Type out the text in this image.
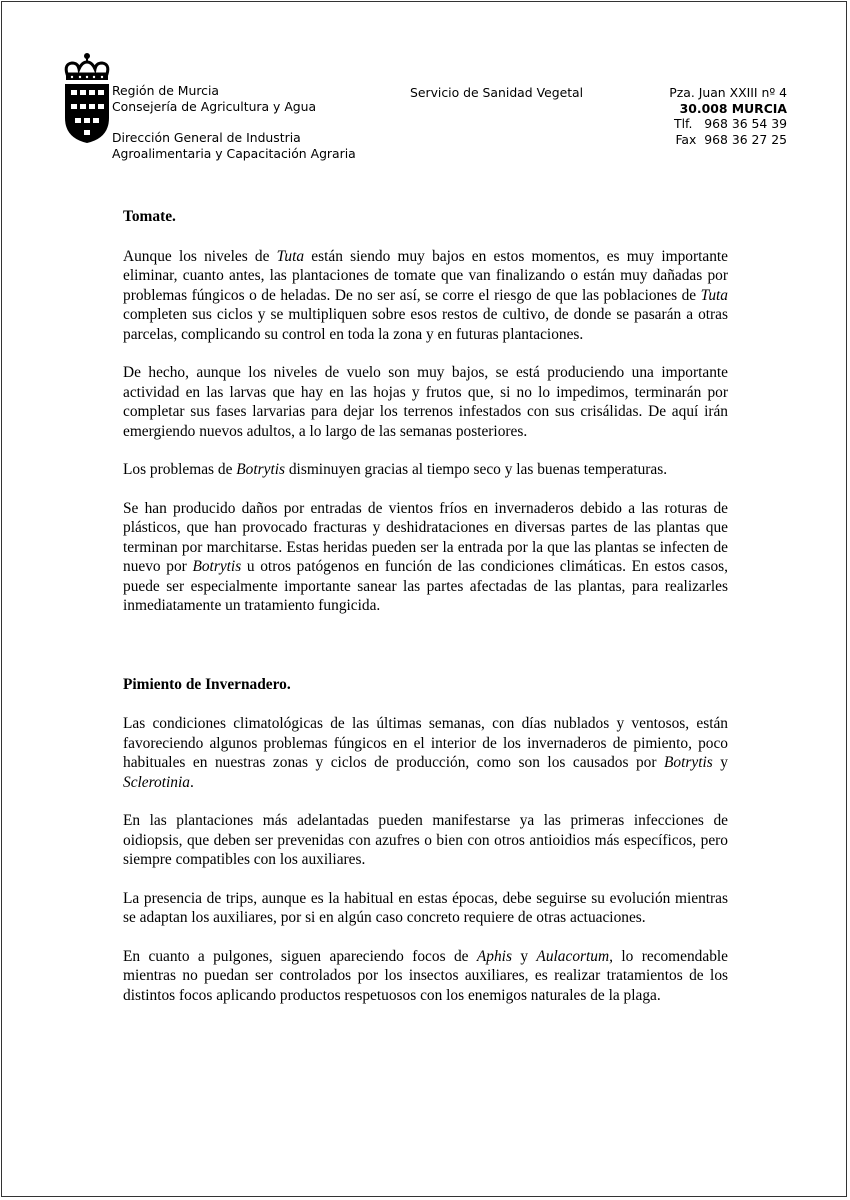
Región de Murcia
Consejería de Agricultura y Agua
Dirección General de Industria
Agroalimentaria y Capacitación Agraria
Servicio de Sanidad Vegetal	Pza. Juan XXIII nº 4
30.008 MURCIA
Tlf.   968 36 54 39
Fax  968 36 27 25
Tomate.

Aunque los niveles de Tuta están siendo muy bajos en estos momentos, es muy importante eliminar, cuanto antes, las plantaciones de tomate que van finalizando o están muy dañadas por problemas fúngicos o de heladas. De no ser así, se corre el riesgo de que las poblaciones de Tuta completen sus ciclos y se multipliquen sobre esos restos de cultivo, de donde se pasarán a otras parcelas, complicando su control en toda la zona y en futuras plantaciones.

De hecho, aunque los niveles de vuelo son muy bajos, se está produciendo una importante actividad en las larvas que hay en las hojas y frutos que, si no lo impedimos, terminarán por completar sus fases larvarias para dejar los terrenos infestados con sus crisálidas. De aquí irán emergiendo nuevos adultos, a lo largo de las semanas posteriores.

Los problemas de Botrytis disminuyen gracias al tiempo seco y las buenas temperaturas.

Se han producido daños por entradas de vientos fríos en invernaderos debido a las roturas de plásticos, que han provocado fracturas y deshidrataciones en diversas partes de las plantas que terminan por marchitarse. Estas heridas pueden ser la entrada por la que las plantas se infecten de nuevo por Botrytis u otros patógenos en función de las condiciones climáticas. En estos casos, puede ser especialmente importante sanear las partes afectadas de las plantas, para realizarles inmediatamente un tratamiento fungicida.

Pimiento de Invernadero.

Las condiciones climatológicas de las últimas semanas, con días nublados y ventosos, están favoreciendo algunos problemas fúngicos en el interior de los invernaderos de pimiento, poco habituales en nuestras zonas y ciclos de producción, como son los causados por Botrytis y Sclerotinia.

En las plantaciones más adelantadas pueden manifestarse ya las primeras infecciones de oidiopsis, que deben ser prevenidas con azufres o bien con otros antioidios más específicos, pero siempre compatibles con los auxiliares.

La presencia de trips, aunque es la habitual en estas épocas, debe seguirse su evolución mientras se adaptan los auxiliares, por si en algún caso concreto requiere de otras actuaciones.

En cuanto a pulgones, siguen apareciendo focos de Aphis y Aulacortum, lo recomendable mientras no puedan ser controlados por los insectos auxiliares, es realizar tratamientos de los distintos focos aplicando productos respetuosos con los enemigos naturales de la plaga.
